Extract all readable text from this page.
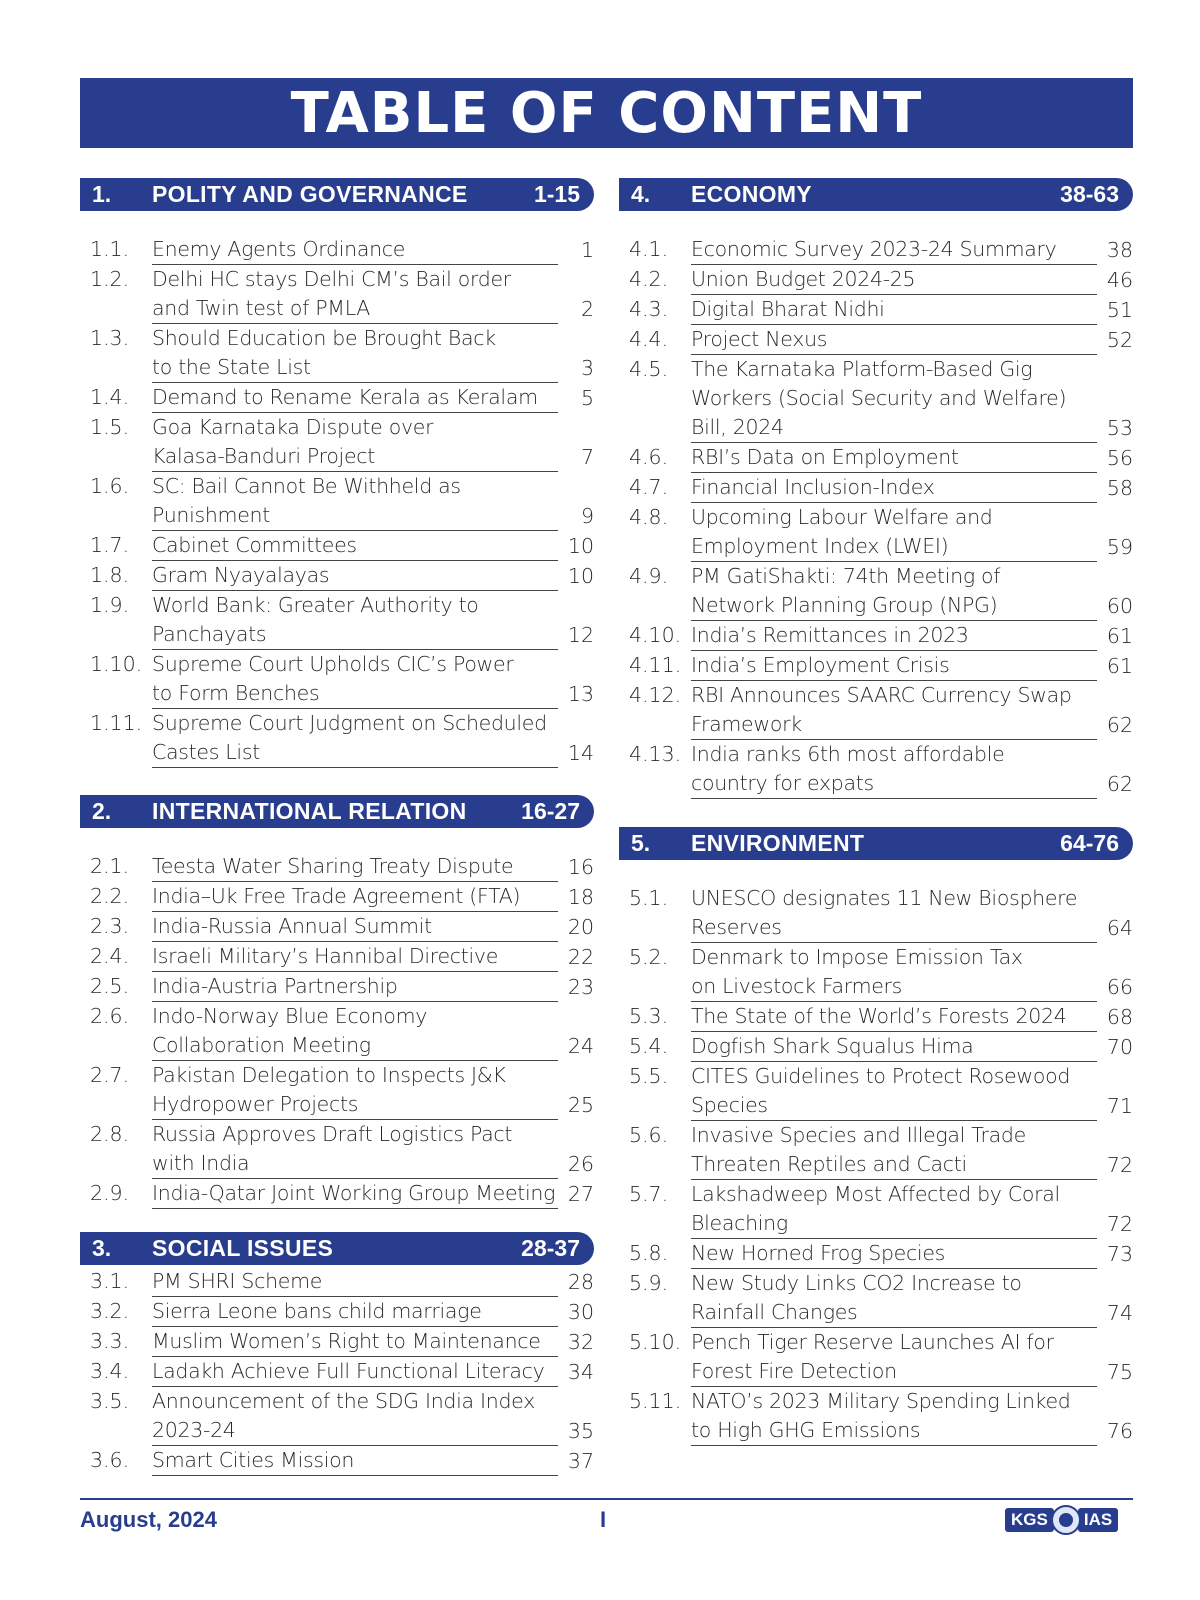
TABLE OF CONTENT
1.	POLITY AND GOVERNANCE	1-15
1.1.	Enemy Agents Ordinance	1
1.2.	Delhi HC stays Delhi CM’s Bail order
and Twin test of PMLA	2
1.3.	Should Education be Brought Back
to the State List	3
1.4.	Demand to Rename Kerala as Keralam	5
1.5.	Goa Karnataka Dispute over
Kalasa-Banduri Project	7
1.6.	SC: Bail Cannot Be Withheld as
Punishment	9
1.7.	Cabinet Committees	10
1.8.	Gram Nyayalayas	10
1.9.	World Bank: Greater Authority to
Panchayats	12
1.10. Supreme Court Upholds CIC’s Power
to Form Benches	13
1.11. Supreme Court Judgment on Scheduled
Castes List	14
2.	INTERNATIONAL RELATION	16-27
2.1.	Teesta Water Sharing Treaty Dispute	16
2.2.	India–Uk Free Trade Agreement (FTA)	18
2.3.	India-Russia Annual Summit	20
2.4.	Israeli Military’s Hannibal Directive	22
2.5.	India-Austria Partnership	23
2.6.	Indo-Norway Blue Economy
Collaboration Meeting	24
2.7.	Pakistan Delegation to Inspects J&K
Hydropower Projects	25
2.8.	Russia Approves Draft Logistics Pact
with India	26
2.9.	India-Qatar Joint Working Group Meeting 27
3.	SOCIAL ISSUES	28-37
3.1.	PM SHRI Scheme	28
3.2.	Sierra Leone bans child marriage	30
3.3.	Muslim Women’s Right to Maintenance	32
3.4.	Ladakh Achieve Full Functional Literacy	34
3.5.	Announcement of the SDG India Index
2023-24	35
3.6.	Smart Cities Mission	37
4.	ECONOMY	38-63
4.1.	Economic Survey 2023-24 Summary	38
4.2.	Union Budget 2024-25	46
4.3.	Digital Bharat Nidhi	51
4.4.	Project Nexus	52
4.5.	The Karnataka Platform-Based Gig
Workers (Social Security and Welfare)
Bill, 2024	53
4.6.	RBI’s Data on Employment	56
4.7.	Financial Inclusion-Index	58
4.8.	Upcoming Labour Welfare and
Employment Index (LWEI)	59
4.9.	PM GatiShakti: 74th Meeting of
Network Planning Group (NPG)	60
4.10. India’s Remittances in 2023	61
4.11. India’s Employment Crisis	61
4.12. RBI Announces SAARC Currency Swap
Framework	62
4.13. India ranks 6th most affordable
country for expats	62
5.	ENVIRONMENT	64-76
5.1.	UNESCO designates 11 New Biosphere
Reserves	64
5.2.	Denmark to Impose Emission Tax
on Livestock Farmers	66
5.3.	The State of the World’s Forests 2024	68
5.4.	Dogfish Shark Squalus Hima	70
5.5.	CITES Guidelines to Protect Rosewood
Species	71
5.6.	Invasive Species and Illegal Trade
Threaten Reptiles and Cacti	72
5.7.	Lakshadweep Most Affected by Coral
Bleaching	72
5.8.	New Horned Frog Species	73
5.9.	New Study Links CO2 Increase to
Rainfall Changes	74
5.10. Pench Tiger Reserve Launches AI for
Forest Fire Detection	75
5.11. NATO’s 2023 Military Spending Linked
to High GHG Emissions	76
August, 2024	I	KGS	IAS
